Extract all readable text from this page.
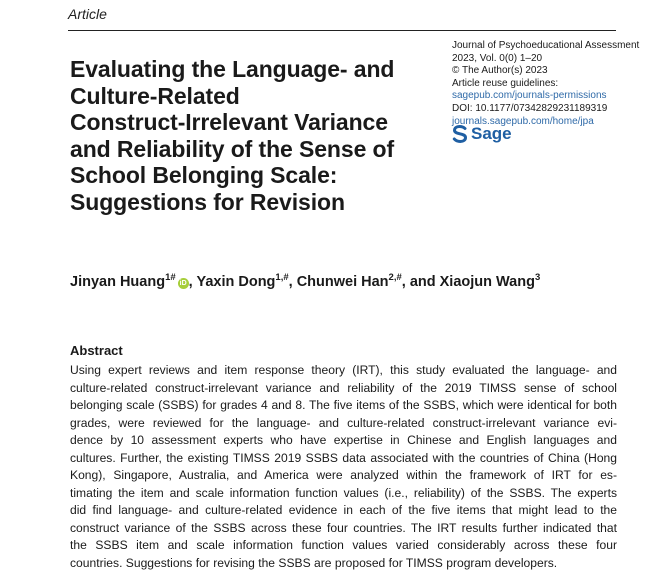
Article
Evaluating the Language- and
Culture-Related
Construct-Irrelevant Variance
and Reliability of the Sense of
School Belonging Scale:
Suggestions for Revision
Journal of Psychoeducational Assessment
2023, Vol. 0(0) 1–20
© The Author(s) 2023
Article reuse guidelines:
sagepub.com/journals-permissions
DOI: 10.1177/07342829231189319
journals.sagepub.com/home/jpa
Sage
Jinyan Huang$^{1\#}$iD , Yaxin Dong$^{1,\#}$, Chunwei Han$^{2,\#}$, and Xiaojun Wang$^3$
Abstract
Using expert reviews and item response theory (IRT), this study evaluated the language- and
culture-related construct-irrelevant variance and reliability of the 2019 TIMSS sense of school
belonging scale (SSBS) for grades 4 and 8. The five items of the SSBS, which were identical for both
grades, were reviewed for the language- and culture-related construct-irrelevant variance evi-
dence by 10 assessment experts who have expertise in Chinese and English languages and
cultures. Further, the existing TIMSS 2019 SSBS data associated with the countries of China (Hong
Kong), Singapore, Australia, and America were analyzed within the framework of IRT for es-
timating the item and scale information function values (i.e., reliability) of the SSBS. The experts
did find language- and culture-related evidence in each of the five items that might lead to the
construct variance of the SSBS across these four countries. The IRT results further indicated that
the SSBS item and scale information function values varied considerably across these four
countries. Suggestions for revising the SSBS are proposed for TIMSS program developers.
